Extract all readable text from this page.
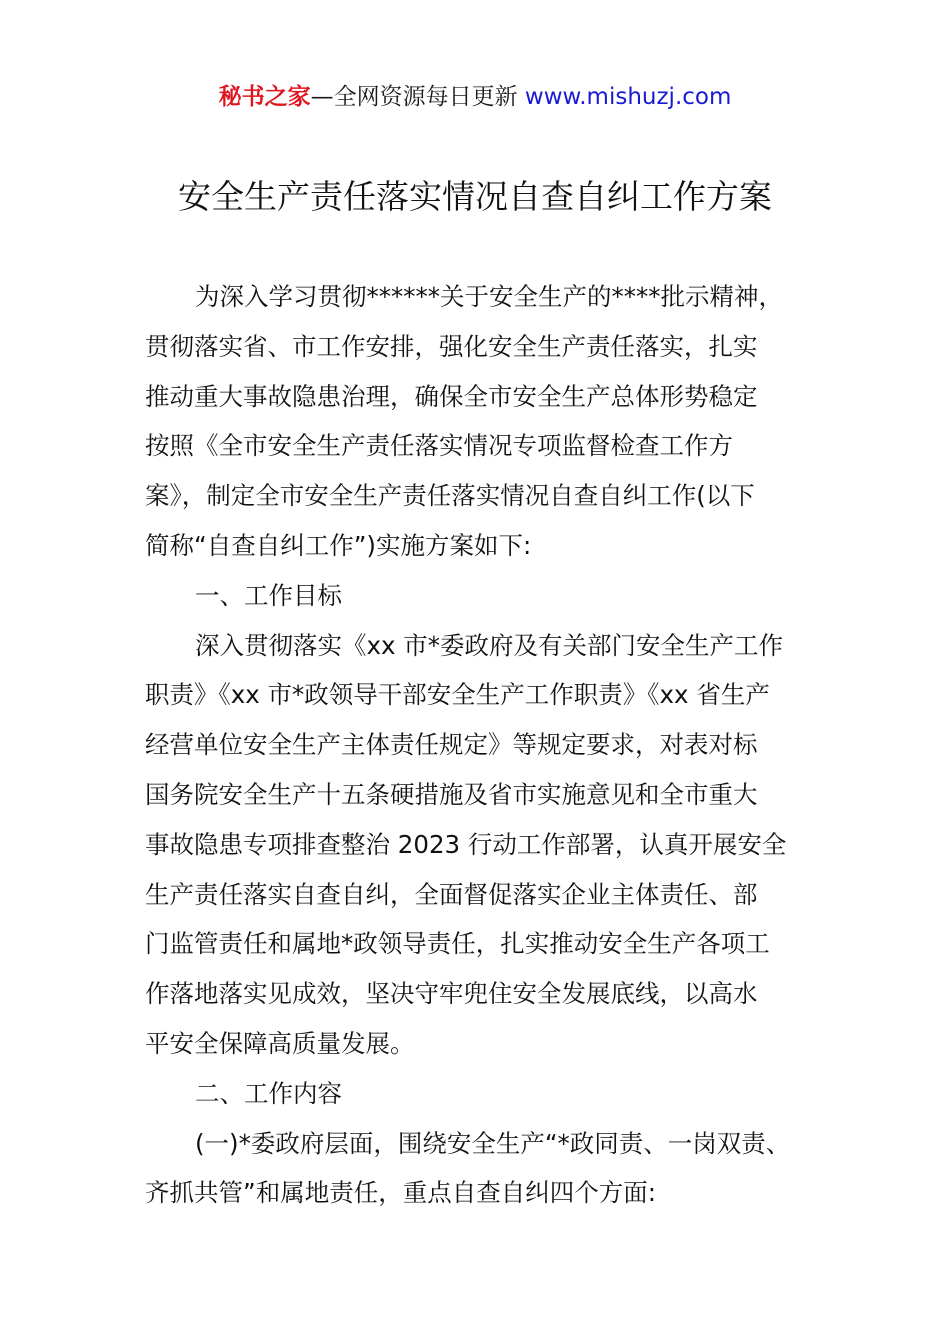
秘书之家—全网资源每日更新 www.mishuzj.com
安全生产责任落实情况自查自纠工作方案
为深入学习贯彻******关于安全生产的****批示精神，
贯彻落实省、市工作安排，强化安全生产责任落实，扎实
推动重大事故隐患治理，确保全市安全生产总体形势稳定
按照《全市安全生产责任落实情况专项监督检查工作方
案》，制定全市安全生产责任落实情况自查自纠工作(以下
简称“自查自纠工作”)实施方案如下:
一、工作目标
深入贯彻落实《xx 市*委政府及有关部门安全生产工作
职责》《xx 市*政领导干部安全生产工作职责》《xx 省生产
经营单位安全生产主体责任规定》等规定要求，对表对标
国务院安全生产十五条硬措施及省市实施意见和全市重大
事故隐患专项排查整治 2023 行动工作部署，认真开展安全
生产责任落实自查自纠，全面督促落实企业主体责任、部
门监管责任和属地*政领导责任，扎实推动安全生产各项工
作落地落实见成效，坚决守牢兜住安全发展底线，以高水
平安全保障高质量发展。
二、工作内容
(一)*委政府层面，围绕安全生产“*政同责、一岗双责、
齐抓共管”和属地责任，重点自查自纠四个方面:
